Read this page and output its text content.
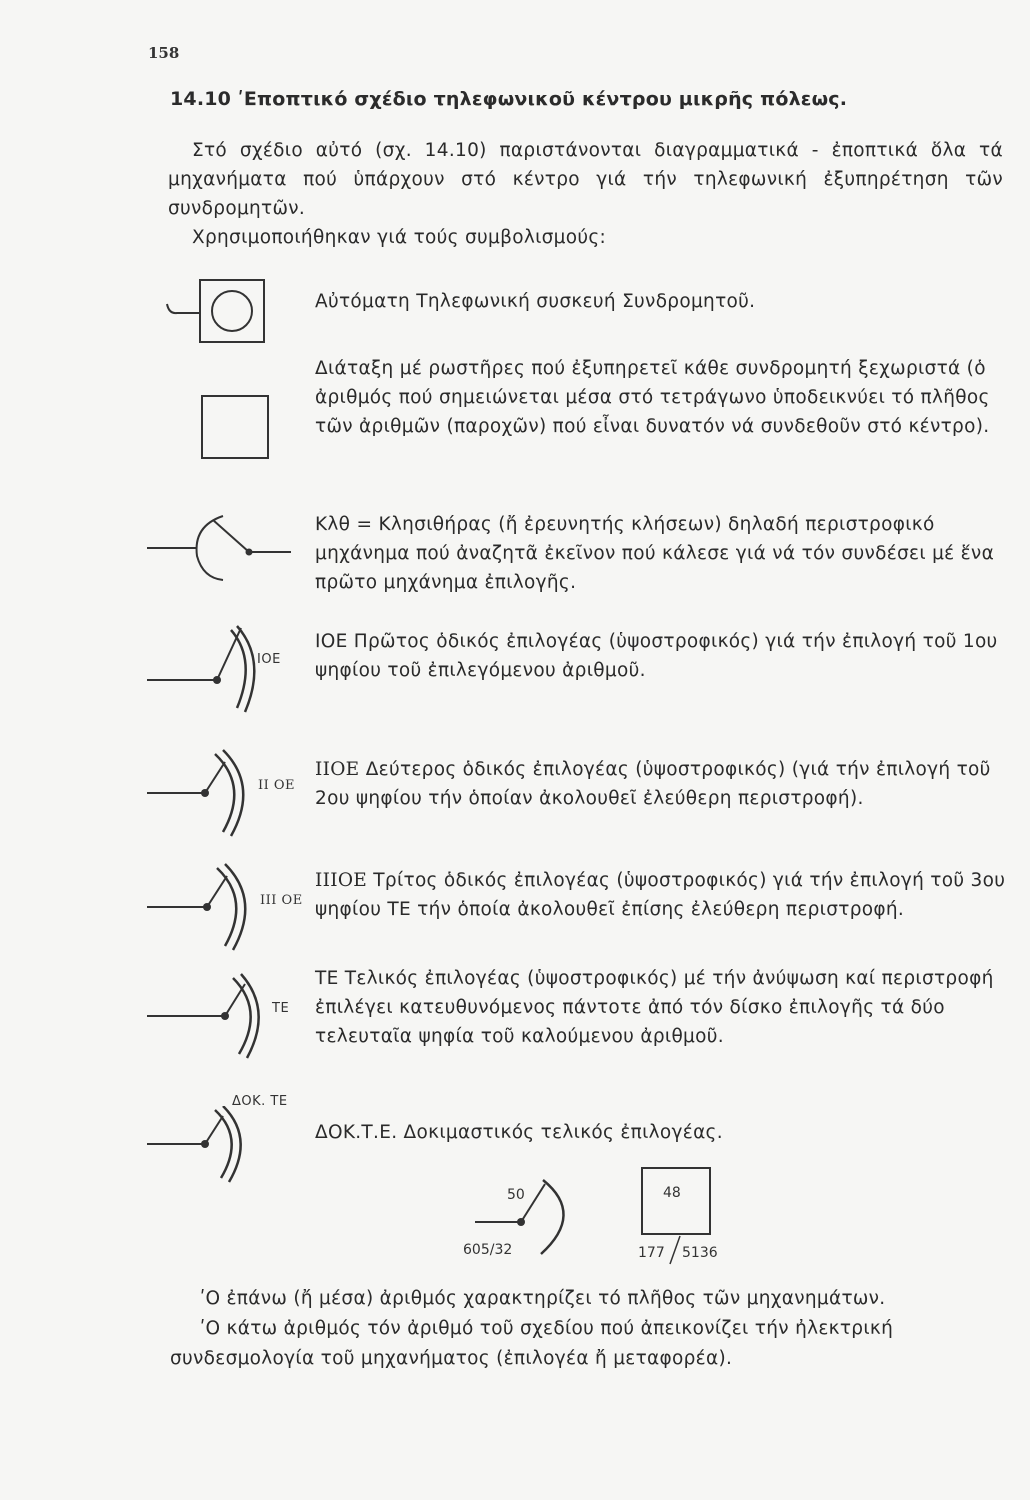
158
14.10 ʹΕποπτικό σχέδιο τηλεφωνικοῦ κέντρου μικρῆς πόλεως.

Στό σχέδιο αὐτό (σχ. 14.10) παριστάνονται διαγραμματικά - ἐποπτικά ὅλα τά μηχανήματα πού ὑπάρχουν στό κέντρο γιά τήν τηλεφωνική ἐξυπηρέτηση τῶν συνδρομητῶν.

Χρησιμοποιήθηκαν γιά τούς συμβολισμούς:

Αὐτόματη Τηλεφωνική συσκευή Συνδρομητοῦ.

Διάταξη μέ ρωστῆρες πού ἐξυπηρετεῖ κάθε συνδρομητή ξεχωριστά (ὁ ἀριθμός πού σημειώνεται μέσα στό τετράγωνο ὑποδεικνύει τό πλῆθος τῶν ἀριθμῶν (παροχῶν) πού εἶναι δυνατόν νά συνδεθοῦν στό κέντρο).

Κλθ = Κλησιθήρας (ἤ ἐρευνητής κλήσεων) δηλαδή περιστροφικό μηχάνημα πού ἀναζητᾶ ἐκεῖνον πού κάλεσε γιά νά τόν συνδέσει μέ ἕνα πρῶτο μηχάνημα ἐπιλογῆς.

ΙΟΕ

ΙΟΕ Πρῶτος ὁδικός ἐπιλογέας (ὑψοστροφικός) γιά τήν ἐπιλογή τοῦ 1ου ψηφίου τοῦ ἐπιλεγόμενου ἀριθμοῦ.

ΙΙ ΟΕ

ΙΙΟΕ Δεύτερος ὁδικός ἐπιλογέας (ὑψοστροφικός) (γιά τήν ἐπιλογή τοῦ 2ου ψηφίου τήν ὁποίαν ἀκολουθεῖ ἐλεύθερη περιστροφή).

ΙΙΙ ΟΕ

ΙΙΙΟΕ Τρίτος ὁδικός ἐπιλογέας (ὑψοστροφικός) γιά τήν ἐπιλογή τοῦ 3ου ψηφίου ΤΕ τήν ὁποία ἀκολουθεῖ ἐπίσης ἐλεύθερη περιστροφή.

ΤΕ

ΤΕ Τελικός ἐπιλογέας (ὑψοστροφικός) μέ τήν ἀνύψωση καί περιστροφή ἐπιλέγει κατευθυνόμενος πάντοτε ἀπό τόν δίσκο ἐπιλογῆς τά δύο τελευταῖα ψηφία τοῦ καλούμενου ἀριθμοῦ.

ΔΟΚ. ΤΕ

ΔΟΚ.Τ.Ε. Δοκιμαστικός τελικός ἐπιλογέας.

50
605/32
48
177 5136

ʹΟ ἐπάνω (ἤ μέσα) ἀριθμός χαρακτηρίζει τό πλῆθος τῶν μηχανημάτων.

ʹΟ κάτω ἀριθμός τόν ἀριθμό τοῦ σχεδίου πού ἀπεικονίζει τήν ἠλεκτρική συνδεσμολογία τοῦ μηχανήματος (ἐπιλογέα ἤ μεταφορέα).
